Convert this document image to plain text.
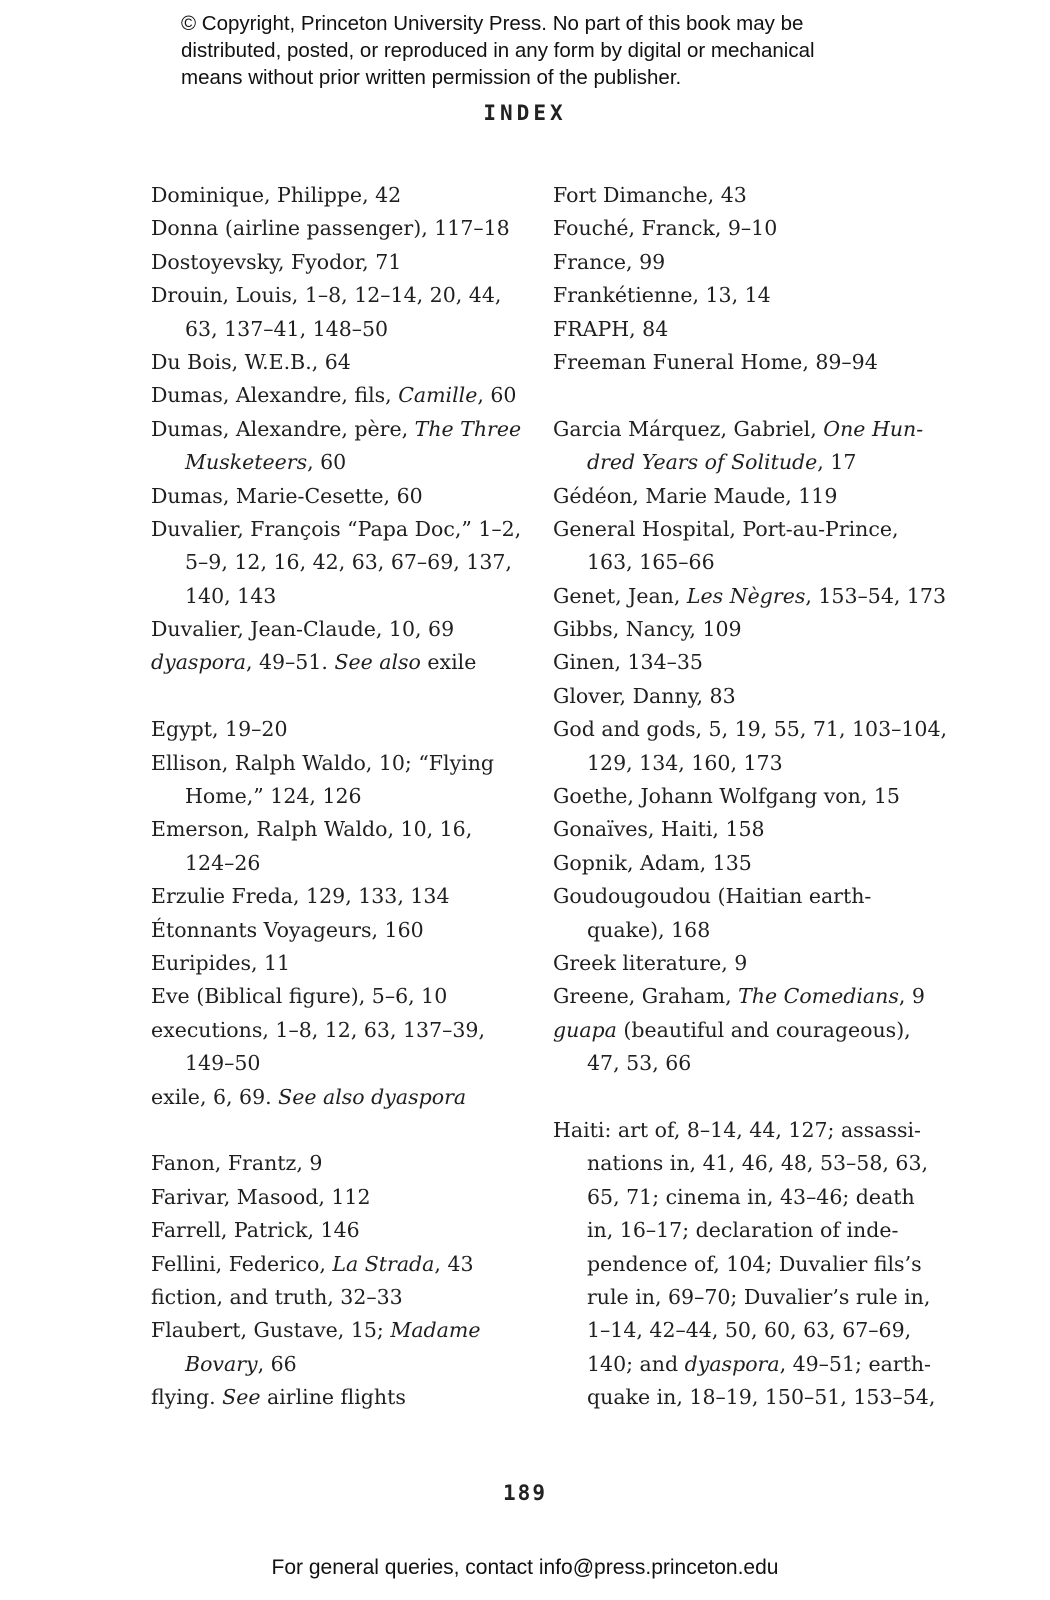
© Copyright, Princeton University Press. No part of this book may be
distributed, posted, or reproduced in any form by digital or mechanical
means without prior written permission of the publisher.
INDEX
Dominique, Philippe, 42
Donna (airline passenger), 117–18
Dostoyevsky, Fyodor, 71
Drouin, Louis, 1–8, 12–14, 20, 44,
63, 137–41, 148–50
Du Bois, W.E.B., 64
Dumas, Alexandre, fils, Camille, 60
Dumas, Alexandre, père, The Three
Musketeers, 60
Dumas, Marie-Cesette, 60
Duvalier, François “Papa Doc,” 1–2,
5–9, 12, 16, 42, 63, 67–69, 137,
140, 143
Duvalier, Jean-Claude, 10, 69
dyaspora, 49–51. See also exile
Egypt, 19–20
Ellison, Ralph Waldo, 10; “Flying
Home,” 124, 126
Emerson, Ralph Waldo, 10, 16,
124–26
Erzulie Freda, 129, 133, 134
Étonnants Voyageurs, 160
Euripides, 11
Eve (Biblical figure), 5–6, 10
executions, 1–8, 12, 63, 137–39,
149–50
exile, 6, 69. See also dyaspora
Fanon, Frantz, 9
Farivar, Masood, 112
Farrell, Patrick, 146
Fellini, Federico, La Strada, 43
fiction, and truth, 32–33
Flaubert, Gustave, 15; Madame
Bovary, 66
flying. See airline flights
Fort Dimanche, 43
Fouché, Franck, 9–10
France, 99
Frankétienne, 13, 14
FRAPH, 84
Freeman Funeral Home, 89–94
Garcia Márquez, Gabriel, One Hun-
dred Years of Solitude, 17
Gédéon, Marie Maude, 119
General Hospital, Port-au-Prince,
163, 165–66
Genet, Jean, Les Nègres, 153–54, 173
Gibbs, Nancy, 109
Ginen, 134–35
Glover, Danny, 83
God and gods, 5, 19, 55, 71, 103–104,
129, 134, 160, 173
Goethe, Johann Wolfgang von, 15
Gonaïves, Haiti, 158
Gopnik, Adam, 135
Goudougoudou (Haitian earth-
quake), 168
Greek literature, 9
Greene, Graham, The Comedians, 9
guapa (beautiful and courageous),
47, 53, 66
Haiti: art of, 8–14, 44, 127; assassi-
nations in, 41, 46, 48, 53–58, 63,
65, 71; cinema in, 43–46; death
in, 16–17; declaration of inde-
pendence of, 104; Duvalier fils’s
rule in, 69–70; Duvalier’s rule in,
1–14, 42–44, 50, 60, 63, 67–69,
140; and dyaspora, 49–51; earth-
quake in, 18–19, 150–51, 153–54,
189
For general queries, contact info@press.princeton.edu
